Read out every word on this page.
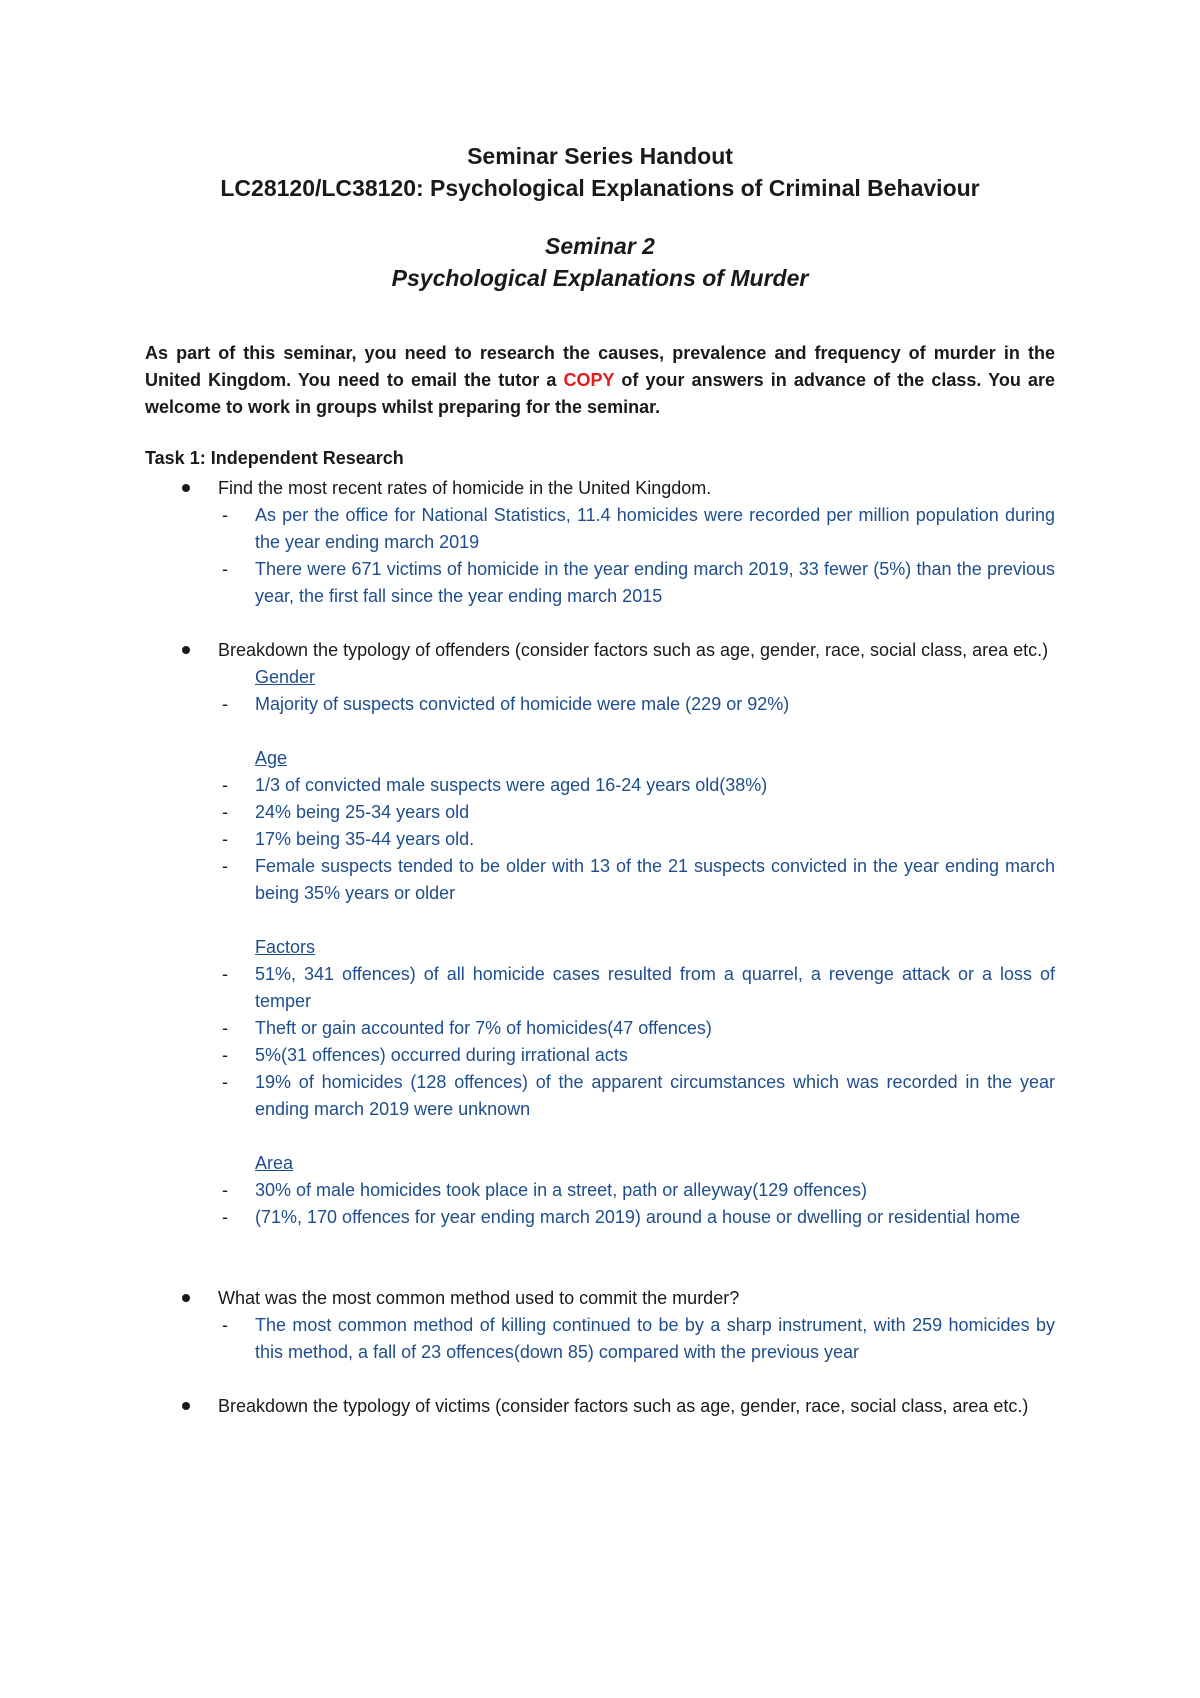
Seminar Series Handout
LC28120/LC38120: Psychological Explanations of Criminal Behaviour
Seminar 2
Psychological Explanations of Murder
As part of this seminar, you need to research the causes, prevalence and frequency of murder in the United Kingdom. You need to email the tutor a COPY of your answers in advance of the class. You are welcome to work in groups whilst preparing for the seminar.
Task 1: Independent Research
Find the most recent rates of homicide in the United Kingdom.
- As per the office for National Statistics, 11.4 homicides were recorded per million population during the year ending march 2019
- There were 671 victims of homicide in the year ending march 2019, 33 fewer (5%) than the previous year, the first fall since the year ending march 2015
Breakdown the typology of offenders (consider factors such as age, gender, race, social class, area etc.)
Gender
- Majority of suspects convicted of homicide were male (229 or 92%)
Age
- 1/3 of convicted male suspects were aged 16-24 years old(38%)
- 24% being 25-34 years old
- 17% being 35-44 years old.
- Female suspects tended to be older with 13 of the 21 suspects convicted in the year ending march being 35% years or older
Factors
- 51%, 341 offences) of all homicide cases resulted from a quarrel, a revenge attack or a loss of temper
- Theft or gain accounted for 7% of homicides(47 offences)
- 5%(31 offences) occurred during irrational acts
- 19% of homicides (128 offences) of the apparent circumstances which was recorded in the year ending march 2019 were unknown
Area
- 30% of male homicides took place in a street, path or alleyway(129 offences)
- (71%, 170 offences for year ending march 2019) around a house or dwelling or residential home
What was the most common method used to commit the murder?
- The most common method of killing continued to be by a sharp instrument, with 259 homicides by this method, a fall of 23 offences(down 85) compared with the previous year
Breakdown the typology of victims (consider factors such as age, gender, race, social class, area etc.)
